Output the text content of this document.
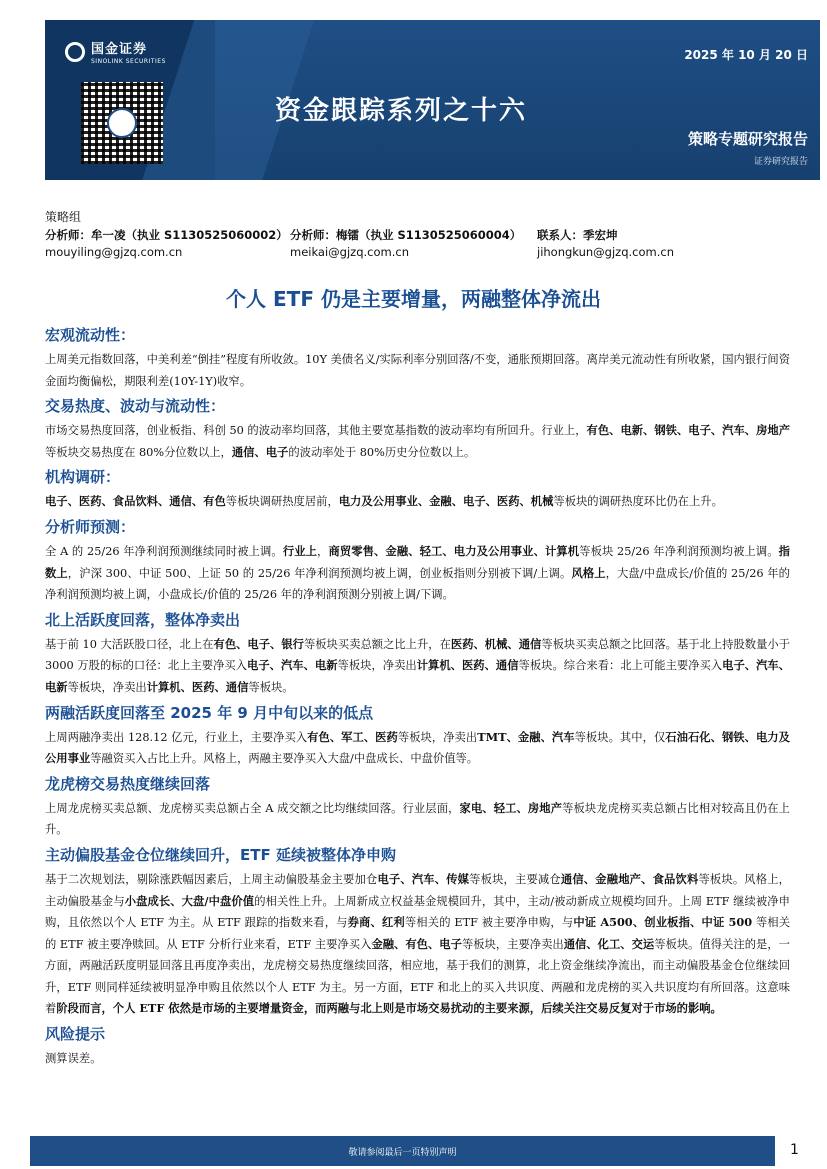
国金证券
SINOLINK SECURITIES	2025 年 10 月 20 日
资金跟踪系列之十六
策略专题研究报告
证券研究报告
策略组
分析师：牟一凌（执业 S1130525060002） 分析师：梅镭（执业 S1130525060004） 联系人：季宏坤
mouyiling@gjzq.com.cn	meikai@gjzq.com.cn	jihongkun@gjzq.com.cn
个人 ETF 仍是主要增量，两融整体净流出
宏观流动性：

上周美元指数回落，中美利差“倒挂”程度有所收敛。10Y 美债名义/实际利率分别回落/不变，通胀预期回落。离岸美元流动性有所收紧，国内银行间资金面均衡偏松，期限利差(10Y-1Y)收窄。

交易热度、波动与流动性：

市场交易热度回落，创业板指、科创 50 的波动率均回落，其他主要宽基指数的波动率均有所回升。行业上，有色、电新、钢铁、电子、汽车、房地产等板块交易热度在 80%分位数以上，通信、电子的波动率处于 80%历史分位数以上。

机构调研：

电子、医药、食品饮料、通信、有色等板块调研热度居前，电力及公用事业、金融、电子、医药、机械等板块的调研热度环比仍在上升。

分析师预测：

全 A 的 25/26 年净利润预测继续同时被上调。行业上，商贸零售、金融、轻工、电力及公用事业、计算机等板块 25/26 年净利润预测均被上调。指数上，沪深 300、中证 500、上证 50 的 25/26 年净利润预测均被上调，创业板指则分别被下调/上调。风格上，大盘/中盘成长/价值的 25/26 年的净利润预测均被上调，小盘成长/价值的 25/26 年的净利润预测分别被上调/下调。

北上活跃度回落，整体净卖出

基于前 10 大活跃股口径，北上在有色、电子、银行等板块买卖总额之比上升，在医药、机械、通信等板块买卖总额之比回落。基于北上持股数量小于 3000 万股的标的口径：北上主要净买入电子、汽车、电新等板块，净卖出计算机、医药、通信等板块。综合来看：北上可能主要净买入电子、汽车、电新等板块，净卖出计算机、医药、通信等板块。

两融活跃度回落至 2025 年 9 月中旬以来的低点

上周两融净卖出 128.12 亿元，行业上，主要净买入有色、军工、医药等板块，净卖出TMT、金融、汽车等板块。其中，仅石油石化、钢铁、电力及公用事业等融资买入占比上升。风格上，两融主要净买入大盘/中盘成长、中盘价值等。

龙虎榜交易热度继续回落

上周龙虎榜买卖总额、龙虎榜买卖总额占全 A 成交额之比均继续回落。行业层面，家电、轻工、房地产等板块龙虎榜买卖总额占比相对较高且仍在上升。

主动偏股基金仓位继续回升，ETF 延续被整体净申购

基于二次规划法，剔除涨跌幅因素后，上周主动偏股基金主要加仓电子、汽车、传媒等板块，主要减仓通信、金融地产、食品饮料等板块。风格上，主动偏股基金与小盘成长、大盘/中盘价值的相关性上升。上周新成立权益基金规模回升，其中，主动/被动新成立规模均回升。上周 ETF 继续被净申购，且依然以个人 ETF 为主。从 ETF 跟踪的指数来看，与券商、红利等相关的 ETF 被主要净申购，与中证 A500、创业板指、中证 500 等相关的 ETF 被主要净赎回。从 ETF 分析行业来看，ETF 主要净买入金融、有色、电子等板块，主要净卖出通信、化工、交运等板块。值得关注的是，一方面，两融活跃度明显回落且再度净卖出，龙虎榜交易热度继续回落，相应地，基于我们的测算，北上资金继续净流出，而主动偏股基金仓位继续回升，ETF 则同样延续被明显净申购且依然以个人 ETF 为主。另一方面，ETF 和北上的买入共识度、两融和龙虎榜的买入共识度均有所回落。这意味着阶段而言，个人 ETF 依然是市场的主要增量资金，而两融与北上则是市场交易扰动的主要来源，后续关注交易反复对于市场的影响。

风险提示

测算误差。

敬请参阅最后一页特别声明	1
